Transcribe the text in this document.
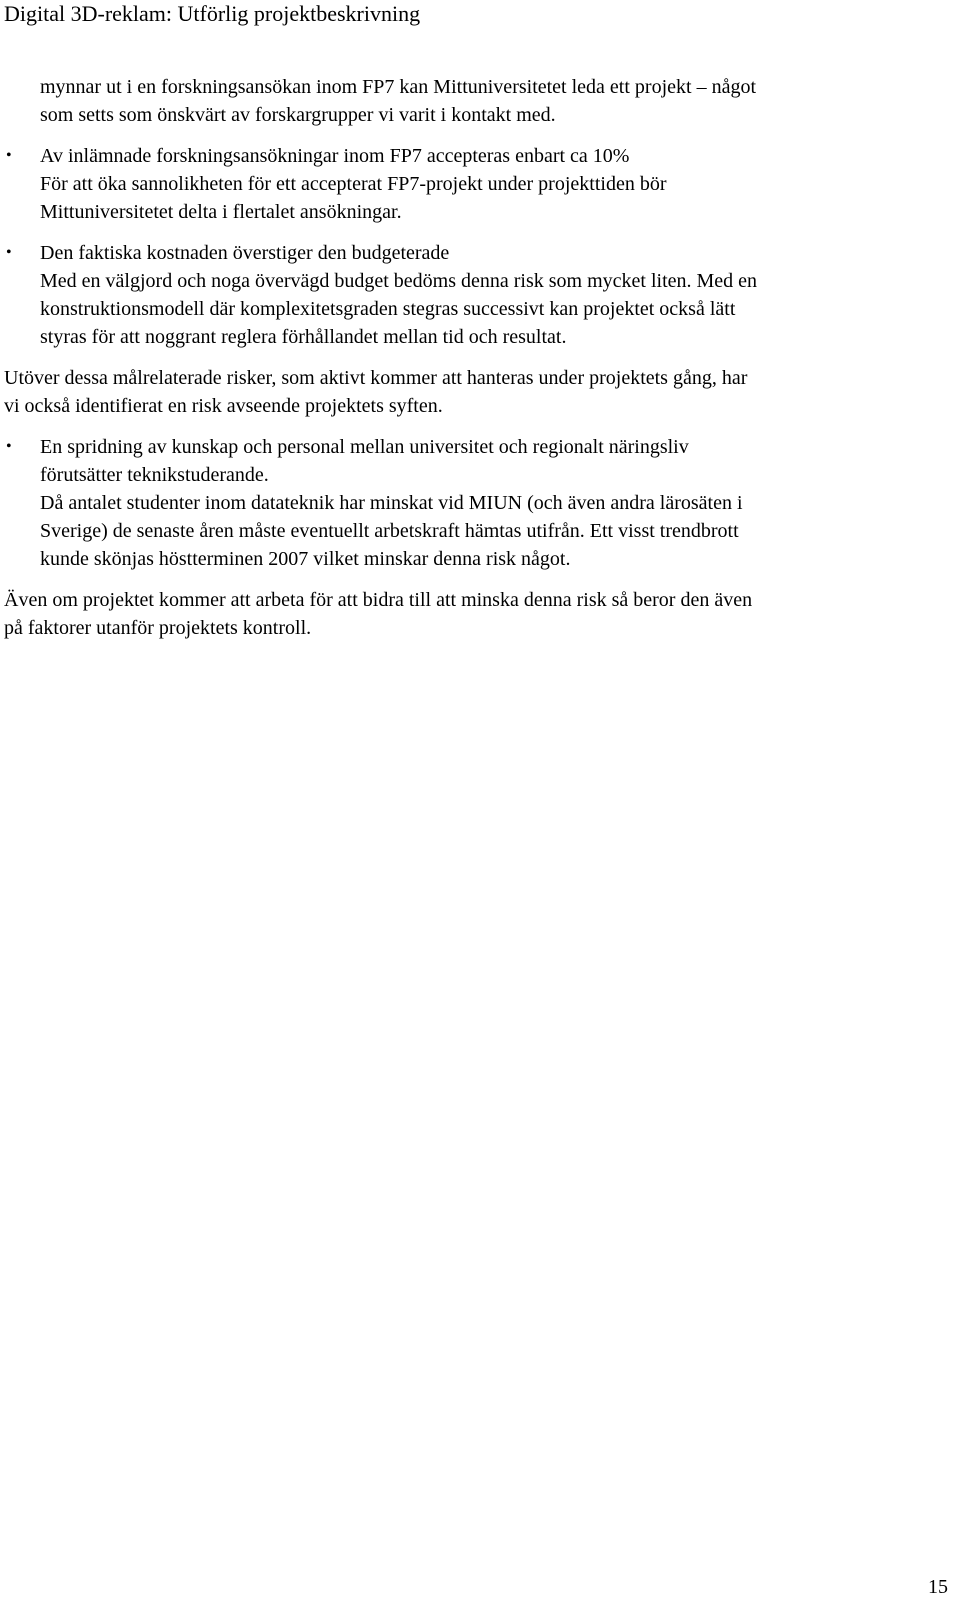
Digital 3D-reklam: Utförlig projektbeskrivning
mynnar ut i en forskningsansökan inom FP7 kan Mittuniversitetet leda ett projekt – något
som setts som önskvärt av forskargrupper vi varit i kontakt med.
• Av inlämnade forskningsansökningar inom FP7 accepteras enbart ca 10%
För att öka sannolikheten för ett accepterat FP7-projekt under projekttiden bör
Mittuniversitetet delta i flertalet ansökningar.
• Den faktiska kostnaden överstiger den budgeterade
Med en välgjord och noga övervägd budget bedöms denna risk som mycket liten. Med en
konstruktionsmodell där komplexitetsgraden stegras successivt kan projektet också lätt
styras för att noggrant reglera förhållandet mellan tid och resultat.
Utöver dessa målrelaterade risker, som aktivt kommer att hanteras under projektets gång, har
vi också identifierat en risk avseende projektets syften.
• En spridning av kunskap och personal mellan universitet och regionalt näringsliv
förutsätter teknikstuderande.
Då antalet studenter inom datateknik har minskat vid MIUN (och även andra lärosäten i
Sverige) de senaste åren måste eventuellt arbetskraft hämtas utifrån. Ett visst trendbrott
kunde skönjas höstterminen 2007 vilket minskar denna risk något.
Även om projektet kommer att arbeta för att bidra till att minska denna risk så beror den även
på faktorer utanför projektets kontroll.
15
